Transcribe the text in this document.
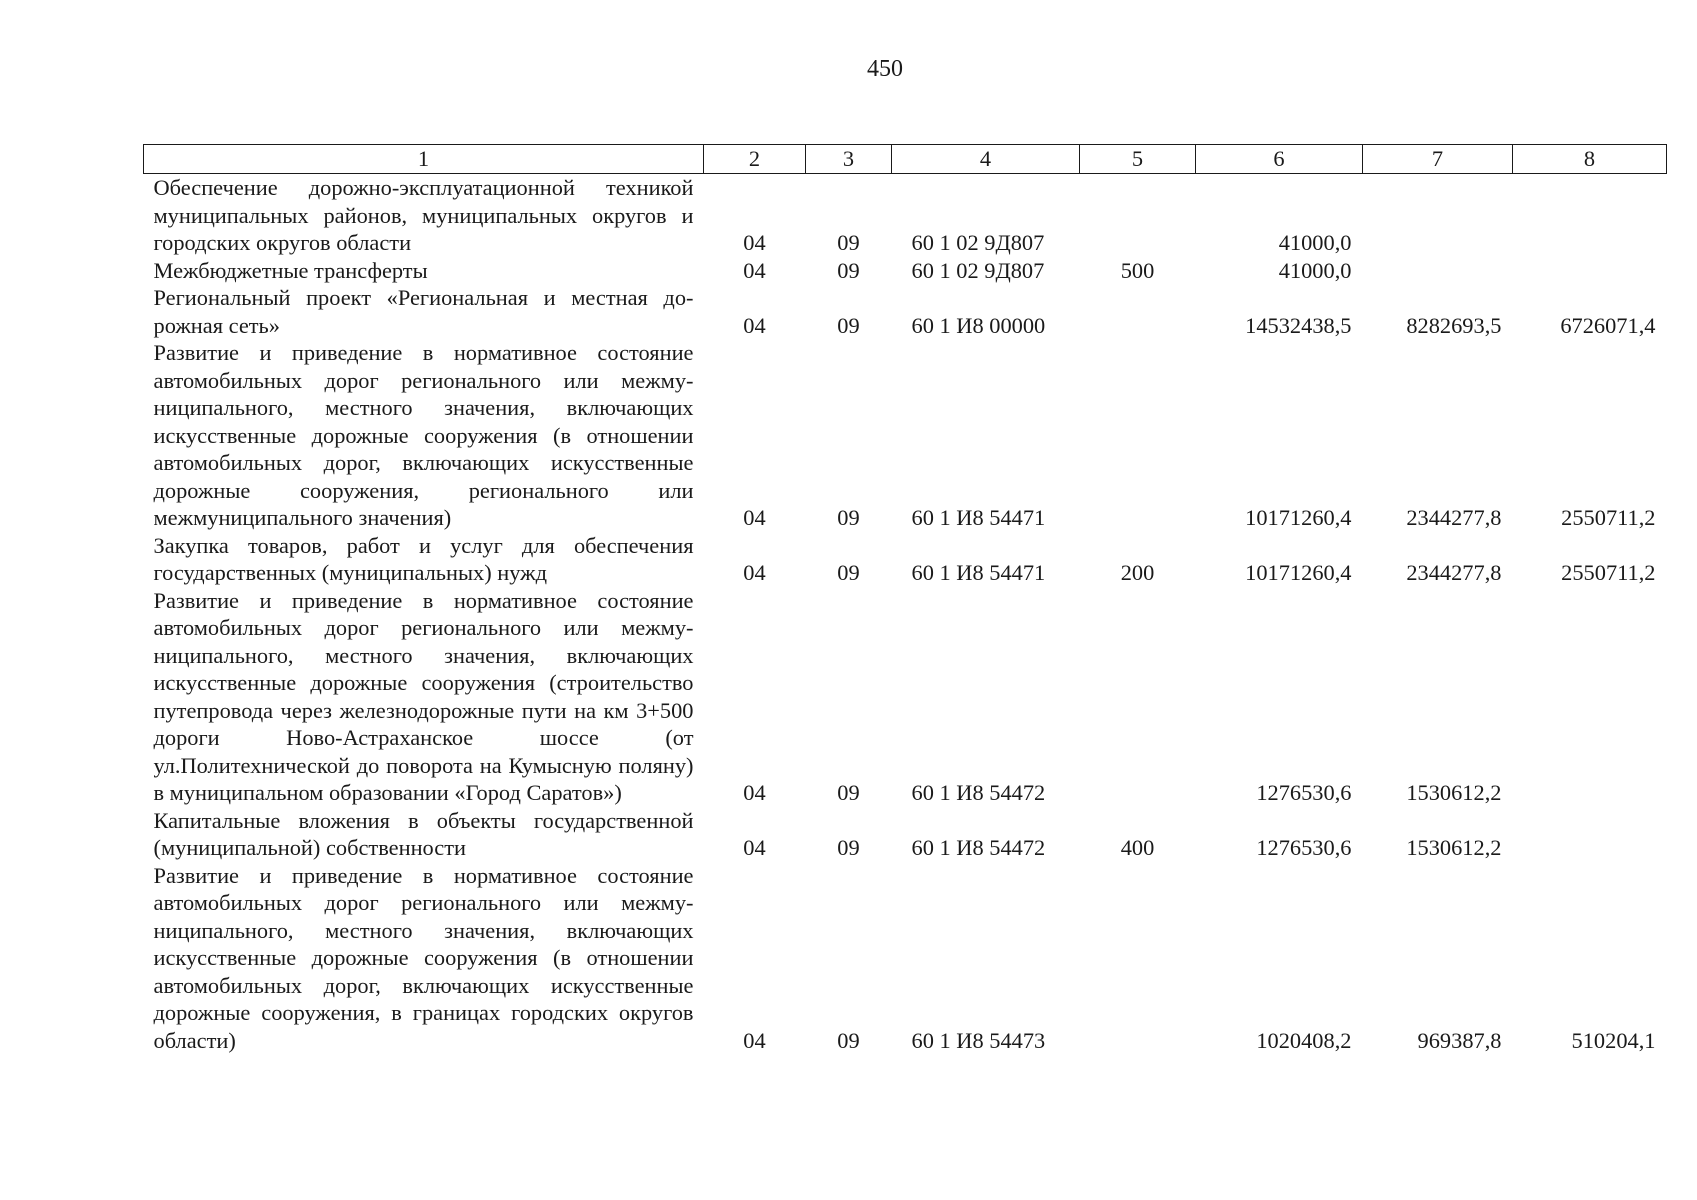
450
1	2	3	4	5	6	7	8
Обеспечение дорожно-эксплуатационной техникой муниципальных районов, муниципальных округов и городских округов области	04	09	60 1 02 9Д807		41000,0		
Межбюджетные трансферты	04	09	60 1 02 9Д807	500	41000,0		
Региональный проект «Региональная и местная дорожная сеть»	04	09	60 1 И8 00000		14532438,5	8282693,5	6726071,4
Развитие и приведение в нормативное состояние автомобильных дорог регионального или межмуниципального, местного значения, включающих искусственные дорожные сооружения (в отношении автомобильных дорог, включающих искусственные дорожные сооружения, регионального или межмуниципального значения)	04	09	60 1 И8 54471		10171260,4	2344277,8	2550711,2
Закупка товаров, работ и услуг для обеспечения государственных (муниципальных) нужд	04	09	60 1 И8 54471	200	10171260,4	2344277,8	2550711,2
Развитие и приведение в нормативное состояние автомобильных дорог регионального или межмуниципального, местного значения, включающих искусственные дорожные сооружения (строительство путепровода через железнодорожные пути на км 3+500 дороги Ново-Астраханское шоссе (от ул.Политехнической до поворота на Кумысную поляну) в муниципальном образовании «Город Саратов»)	04	09	60 1 И8 54472		1276530,6	1530612,2	
Капитальные вложения в объекты государственной (муниципальной) собственности	04	09	60 1 И8 54472	400	1276530,6	1530612,2	
Развитие и приведение в нормативное состояние автомобильных дорог регионального или межмуниципального, местного значения, включающих искусственные дорожные сооружения (в отношении автомобильных дорог, включающих искусственные дорожные сооружения, в границах городских округов области)	04	09	60 1 И8 54473		1020408,2	969387,8	510204,1
